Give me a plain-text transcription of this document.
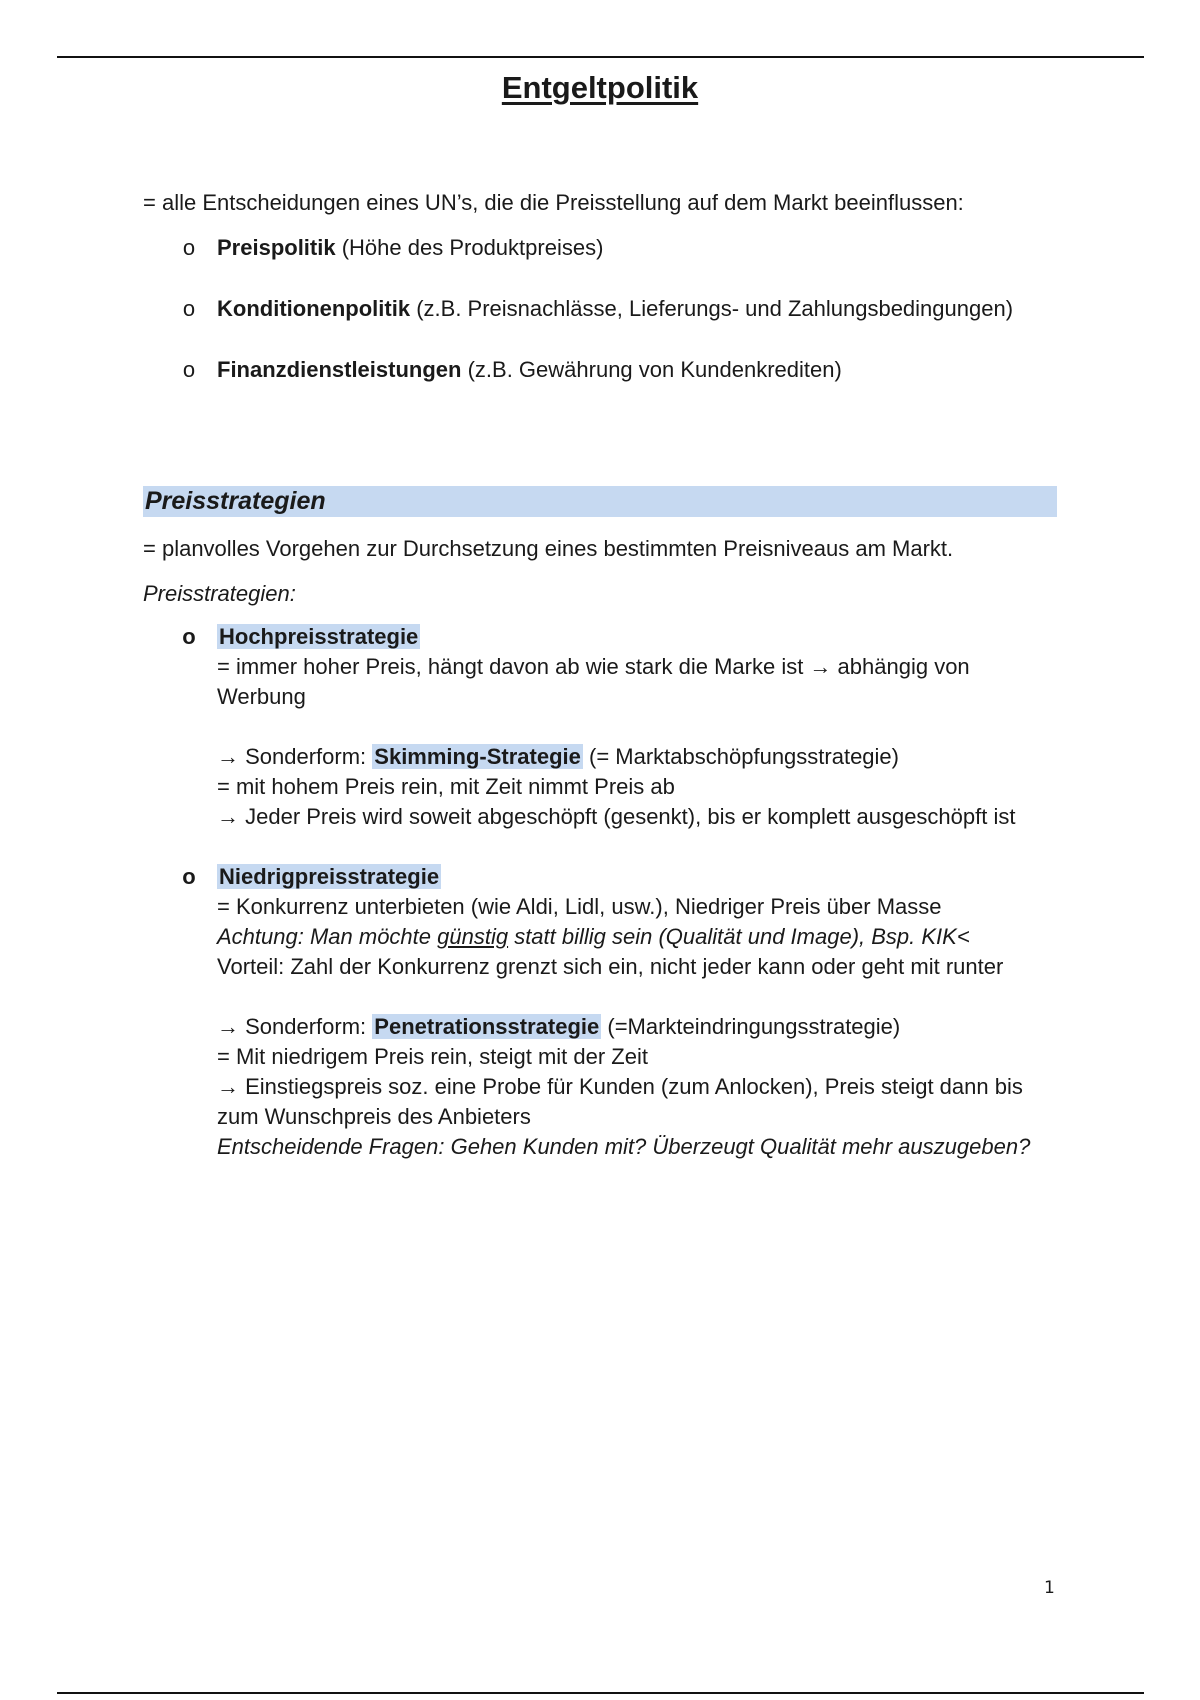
Entgeltpolitik

= alle Entscheidungen eines UN’s, die die Preisstellung auf dem Markt beeinflussen:

o Preispolitik (Höhe des Produktpreises)
o Konditionenpolitik (z.B. Preisnachlässe, Lieferungs- und Zahlungsbedingungen)
o Finanzdienstleistungen (z.B. Gewährung von Kundenkrediten)
Preisstrategien

= planvolles Vorgehen zur Durchsetzung eines bestimmten Preisniveaus am Markt.

Preisstrategien:

o Hochpreisstrategie

= immer hoher Preis, hängt davon ab wie stark die Marke ist → abhängig von Werbung

→ Sonderform: Skimming-Strategie (= Marktabschöpfungsstrategie)

= mit hohem Preis rein, mit Zeit nimmt Preis ab

→ Jeder Preis wird soweit abgeschöpft (gesenkt), bis er komplett ausgeschöpft ist

o Niedrigpreisstrategie

= Konkurrenz unterbieten (wie Aldi, Lidl, usw.), Niedriger Preis über Masse

Achtung: Man möchte günstig statt billig sein (Qualität und Image), Bsp. KIK<

Vorteil: Zahl der Konkurrenz grenzt sich ein, nicht jeder kann oder geht mit runter

→ Sonderform: Penetrationsstrategie (=Markteindringungsstrategie)

= Mit niedrigem Preis rein, steigt mit der Zeit

→ Einstiegspreis soz. eine Probe für Kunden (zum Anlocken), Preis steigt dann bis zum Wunschpreis des Anbieters

Entscheidende Fragen: Gehen Kunden mit? Überzeugt Qualität mehr auszugeben?

1
